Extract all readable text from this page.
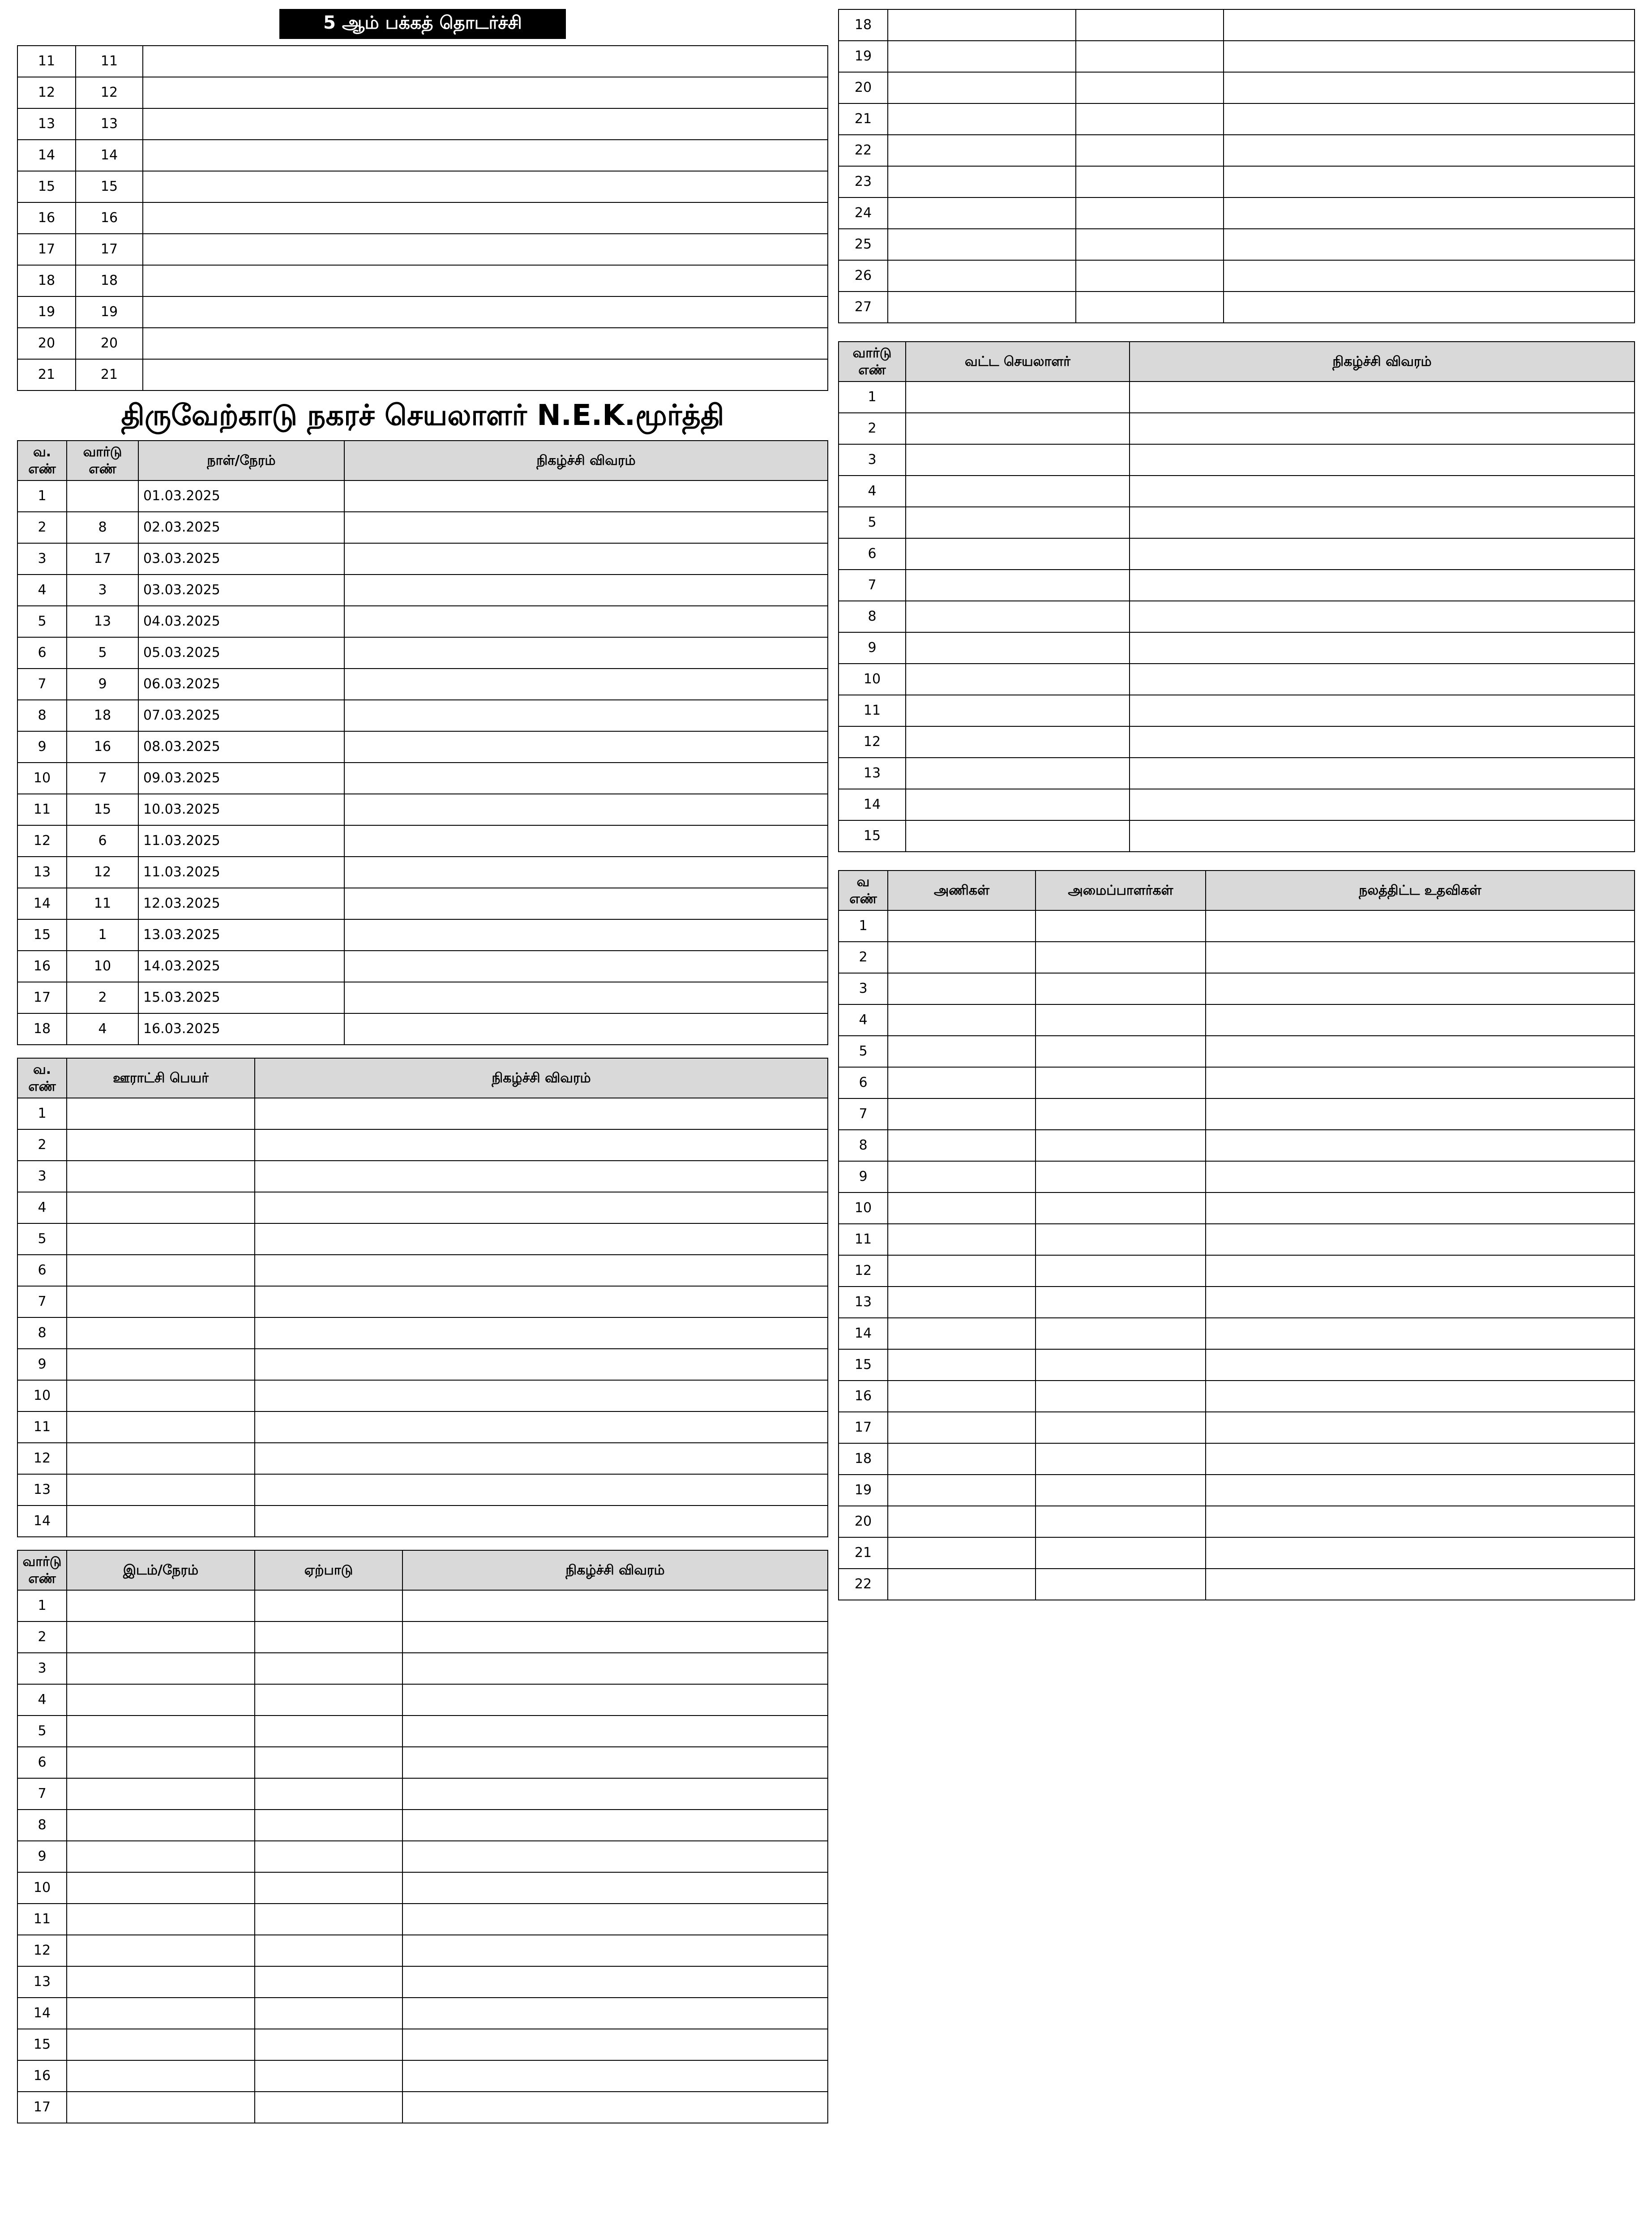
5 ஆம் பக்கத் தொடர்ச்சி
11	11	
12	12	
13	13	
14	14	
15	15	
16	16	
17	17	
18	18	
19	19	
20	20	
21	21	
திருவேற்காடு நகரச் செயலாளர் N.E.K.மூர்த்தி
வ. எண்	வார்டு எண்	நாள்/நேரம்	நிகழ்ச்சி விவரம்
1		01.03.2025	
2	8	02.03.2025	
3	17	03.03.2025	
4	3	03.03.2025	
5	13	04.03.2025	
6	5	05.03.2025	
7	9	06.03.2025	
8	18	07.03.2025	
9	16	08.03.2025	
10	7	09.03.2025	
11	15	10.03.2025	
12	6	11.03.2025	
13	12	11.03.2025	
14	11	12.03.2025	
15	1	13.03.2025	
16	10	14.03.2025	
17	2	15.03.2025	
18	4	16.03.2025	
வ. எண்	ஊராட்சி பெயர்	நிகழ்ச்சி விவரம்
1		
2		
3		
4		
5		
6		
7		
8		
9		
10		
11		
12		
13		
14		
வார்டு எண்	இடம்/நேரம்	ஏற்பாடு	நிகழ்ச்சி விவரம்
1			
2			
3			
4			
5			
6			
7			
8			
9			
10			
11			
12			
13			
14			
15			
16			
17			
18			
19			
20			
21			
22			
23			
24			
25			
26			
27			
வார்டு எண்	வட்ட செயலாளர்	நிகழ்ச்சி விவரம்
1		
2		
3		
4		
5		
6		
7		
8		
9		
10		
11		
12		
13		
14		
15		
வ எண்	அணிகள்	அமைப்பாளர்கள்	நலத்திட்ட உதவிகள்
1			
2			
3			
4			
5			
6			
7			
8			
9			
10			
11			
12			
13			
14			
15			
16			
17			
18			
19			
20			
21			
22			
